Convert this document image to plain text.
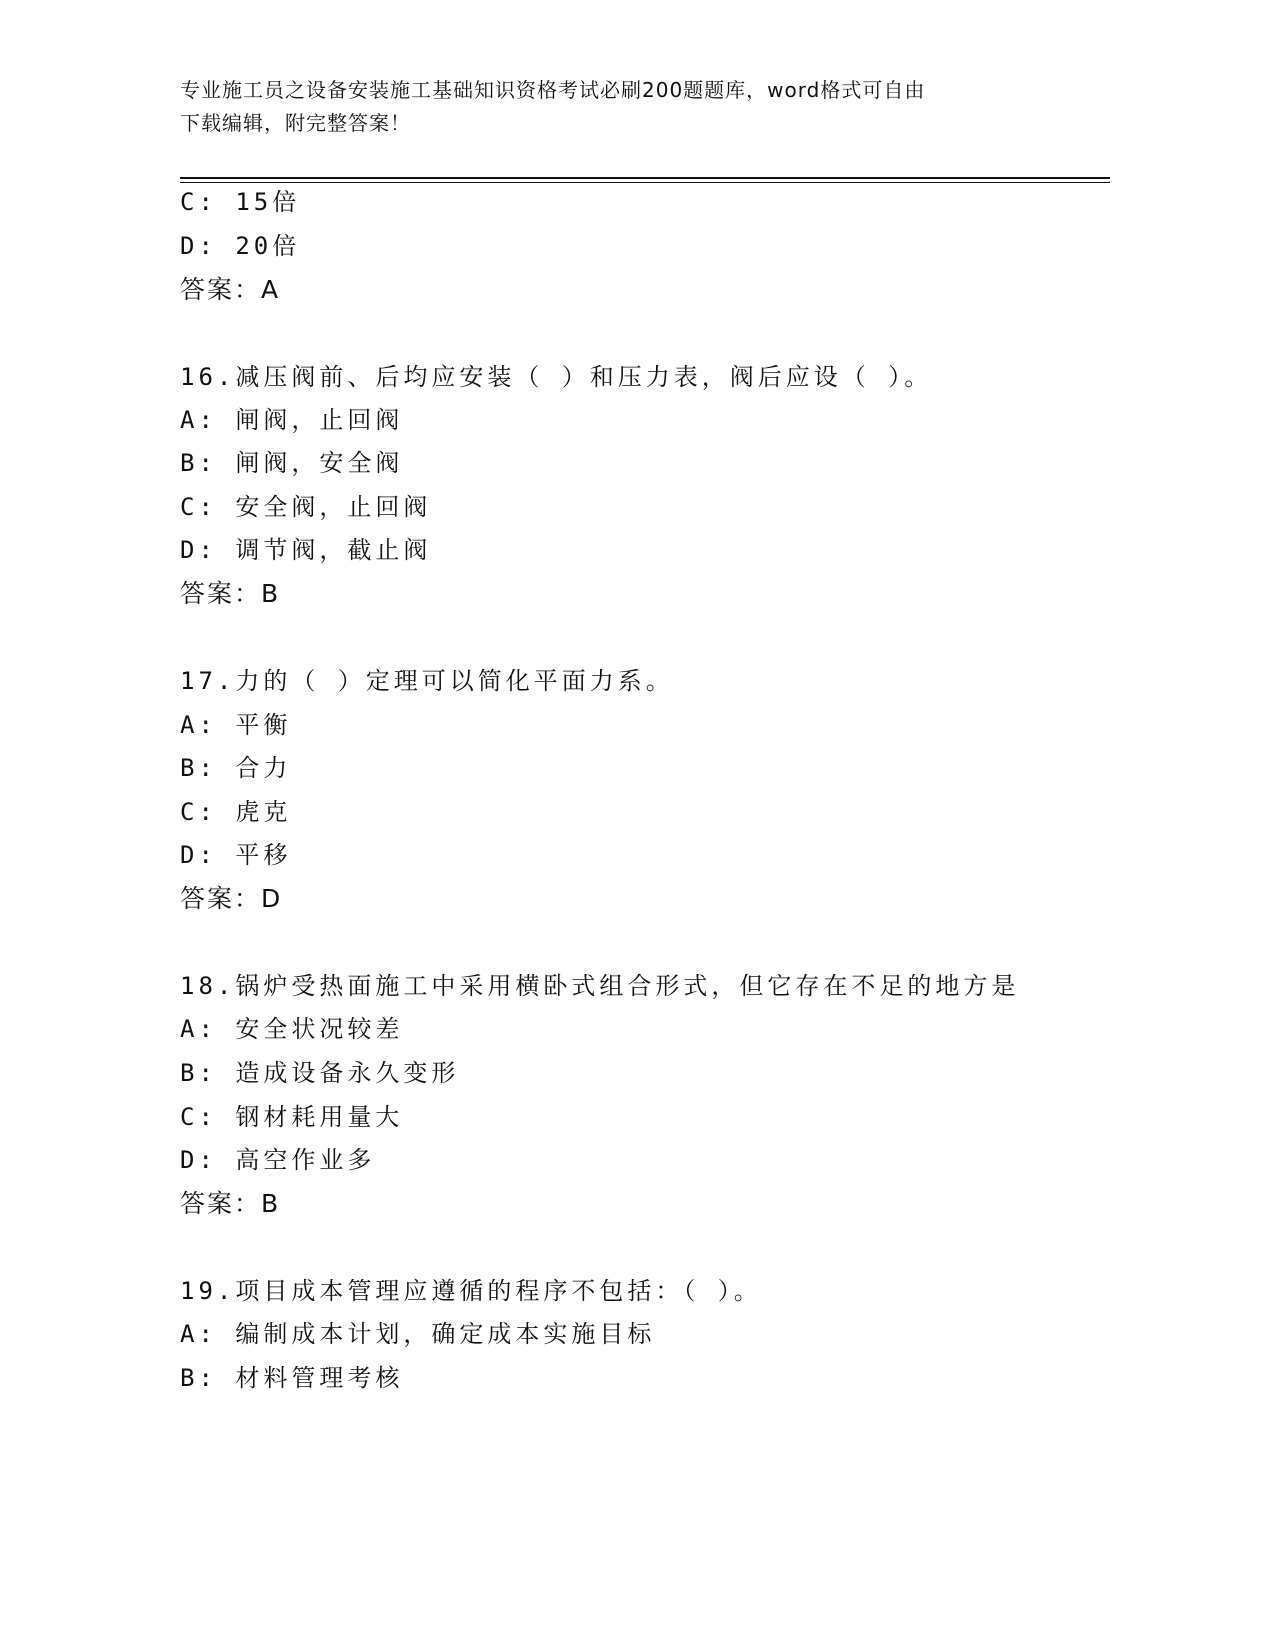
专业施工员之设备安装施工基础知识资格考试必刷200题题库，word格式可自由
下载编辑，附完整答案！
C: 15倍
D: 20倍
答案：A
16.减压阀前、后均应安装（ ）和压力表，阀后应设（ ）。
A: 闸阀，止回阀
B: 闸阀，安全阀
C: 安全阀，止回阀
D: 调节阀，截止阀
答案：B
17.力的（ ）定理可以简化平面力系。
A: 平衡
B: 合力
C: 虎克
D: 平移
答案：D
18.锅炉受热面施工中采用横卧式组合形式，但它存在不足的地方是
A: 安全状况较差
B: 造成设备永久变形
C: 钢材耗用量大
D: 高空作业多
答案：B
19.项目成本管理应遵循的程序不包括：（ ）。
A: 编制成本计划，确定成本实施目标
B: 材料管理考核
